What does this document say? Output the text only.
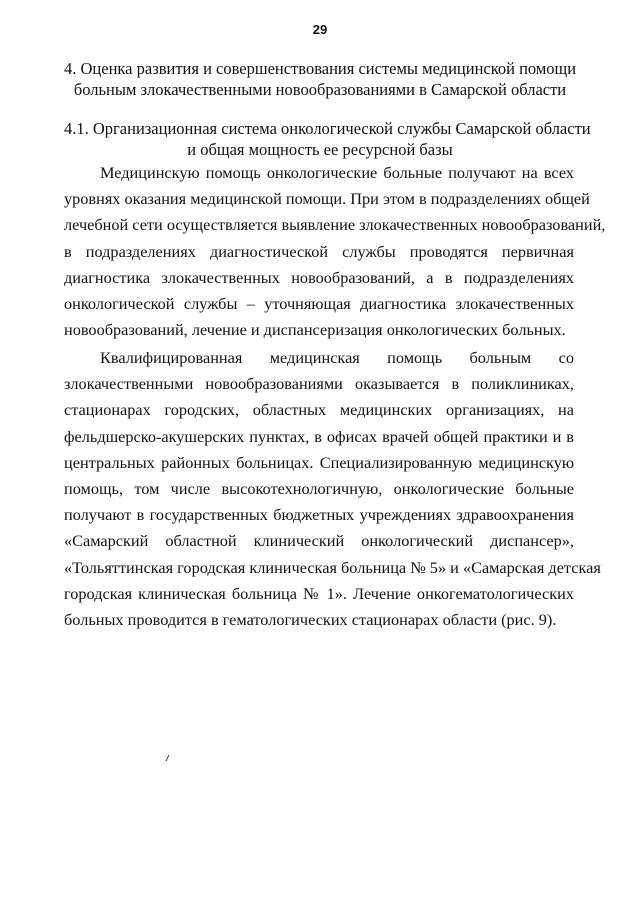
29
4. Оценка развития и совершенствования системы медицинской помощи
больным злокачественными новообразованиями в Самарской области
4.1. Организационная система онкологической службы Самарской области
и общая мощность ее ресурсной базы
Медицинскую помощь онкологические больные получают на всех
уровнях оказания медицинской помощи. При этом в подразделениях общей
лечебной сети осуществляется выявление злокачественных новообразований,
в подразделениях диагностической службы проводятся первичная
диагностика злокачественных новообразований, а в подразделениях
онкологической службы – уточняющая диагностика злокачественных
новообразований, лечение и диспансеризация онкологических больных.
Квалифицированная медицинская помощь больным со
злокачественными новообразованиями оказывается в поликлиниках,
стационарах городских, областных медицинских организациях, на
фельдшерско-акушерских пунктах, в офисах врачей общей практики и в
центральных районных больницах. Специализированную медицинскую
помощь, том числе высокотехнологичную, онкологические больные
получают в государственных бюджетных учреждениях здравоохранения
«Самарский областной клинический онкологический диспансер»,
«Тольяттинская городская клиническая больница № 5» и «Самарская детская
городская клиническая больница № 1». Лечение онкогематологических
больных проводится в гематологических стационарах области (рис. 9).
